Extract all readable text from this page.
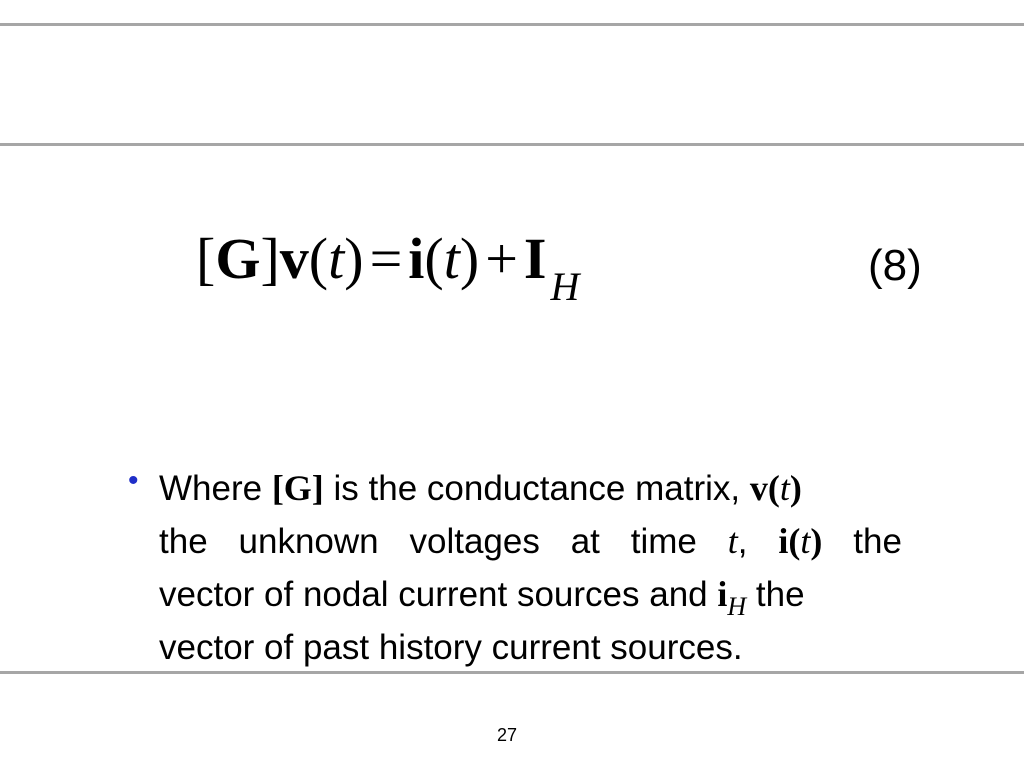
[G]v(t) = i(t) + I $_H$	(8)
• Where [G] is the conductance matrix, v(t)
the unknown voltages at time t, i(t) the
vector of nodal current sources and $i_H$ the
vector of past history current sources.
27
